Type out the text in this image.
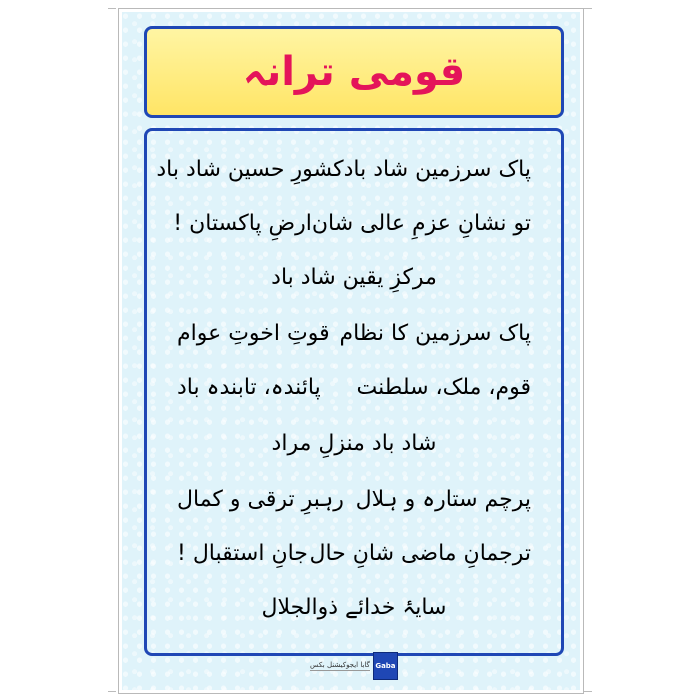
قومی ترانہ
پاک سرزمین شاد باد
کشورِ حسین شاد باد
تو نشانِ عزمِ عالی شان
ارضِ پاکستان !
مرکزِ یقین شاد باد
پاک سرزمین کا نظام
قوتِ اخوتِ عوام
قوم، ملک، سلطنت
پائندہ، تابندہ باد
شاد باد منزلِ مراد
پرچم ستارہ و ہلال
رہبرِ ترقی و کمال
ترجمانِ ماضی شانِ حال
جانِ استقبال !
سایۂ خدائے ذوالجلال
گابا ایجوکیشنل بکس Gaba
